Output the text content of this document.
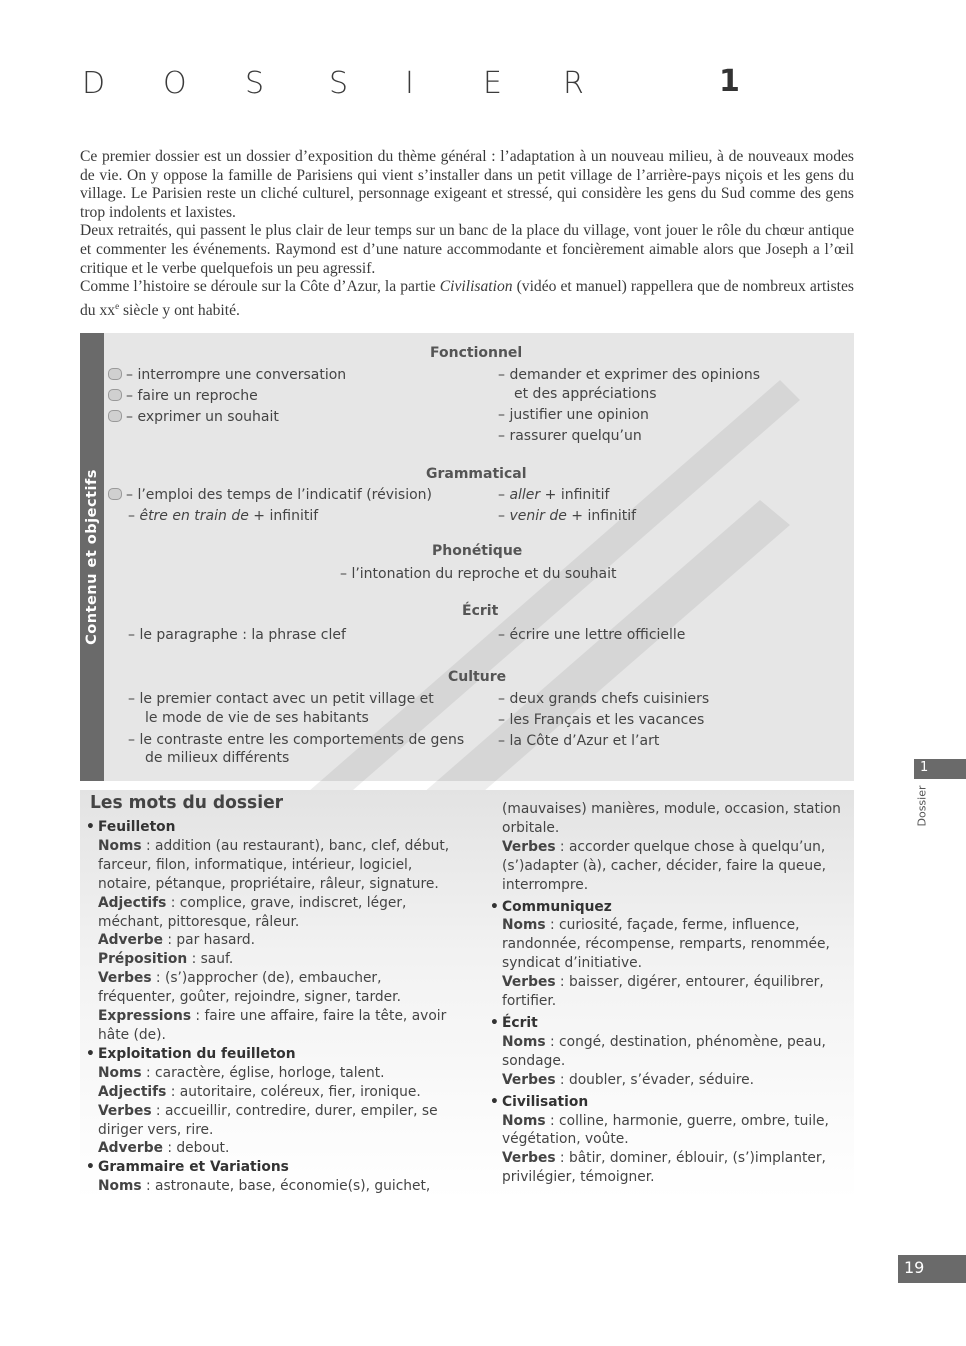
D O S S I E R	1

Ce premier dossier est un dossier d’exposition du thème général : l’adaptation à un nouveau milieu, à de nouveaux modes de vie. On y oppose la famille de Parisiens qui vient s’installer dans un petit village de l’arrière-pays niçois et les gens du village. Le Parisien reste un cliché culturel, personnage exigeant et stressé, qui considère les gens du Sud comme des gens trop indolents et laxistes.

Deux retraités, qui passent le plus clair de leur temps sur un banc de la place du village, vont jouer le rôle du chœur antique et commenter les événements. Raymond est d’une nature accommodante et foncièrement aimable alors que Joseph a l’œil critique et le verbe quelquefois un peu agressif.

Comme l’histoire se déroule sur la Côte d’Azur, la partie Civilisation (vidéo et manuel) rappellera que de nombreux artistes du $xx^e$ siècle y ont habité.

Contenu et objectifs
Fonctionnel
– interrompre une conversation
– faire un reproche
– exprimer un souhait
– demander et exprimer des opinions
et des appréciations
– justifier une opinion
– rassurer quelqu’un
Grammatical
– l’emploi des temps de l’indicatif (révision)
– être en train de + infinitif
– aller + infinitif
– venir de + infinitif
Phonétique
– l’intonation du reproche et du souhait
Écrit
– le paragraphe : la phrase clef	– écrire une lettre officielle
Culture
– le premier contact avec un petit village et
le mode de vie de ses habitants
– le contraste entre les comportements de gens
de milieux différents
– deux grands chefs cuisiniers
– les Français et les vacances
– la Côte d’Azur et l’art
Les mots du dossier

• Feuilleton

Noms : addition (au restaurant), banc, clef, début, farceur, filon, informatique, intérieur, logiciel, notaire, pétanque, propriétaire, râleur, signature.

Adjectifs : complice, grave, indiscret, léger, méchant, pittoresque, râleur.

Adverbe : par hasard.

Préposition : sauf.

Verbes : (s’)approcher (de), embaucher, fréquenter, goûter, rejoindre, signer, tarder.

Expressions : faire une affaire, faire la tête, avoir hâte (de).

• Exploitation du feuilleton

Noms : caractère, église, horloge, talent.

Adjectifs : autoritaire, coléreux, fier, ironique.

Verbes : accueillir, contredire, durer, empiler, se diriger vers, rire.

Adverbe : debout.

• Grammaire et Variations

Noms : astronaute, base, économie(s), guichet,

(mauvaises) manières, module, occasion, station orbitale.

Verbes : accorder quelque chose à quelqu’un, (s’)adapter (à), cacher, décider, faire la queue, interrompre.

• Communiquez

Noms : curiosité, façade, ferme, influence, randonnée, récompense, remparts, renommée, syndicat d’initiative.

Verbes : baisser, digérer, entourer, équilibrer, fortifier.

• Écrit

Noms : congé, destination, phénomène, peau, sondage.

Verbes : doubler, s’évader, séduire.

• Civilisation

Noms : colline, harmonie, guerre, ombre, tuile, végétation, voûte.

Verbes : bâtir, dominer, éblouir, (s’)implanter, privilégier, témoigner.

1
Dossier
19
